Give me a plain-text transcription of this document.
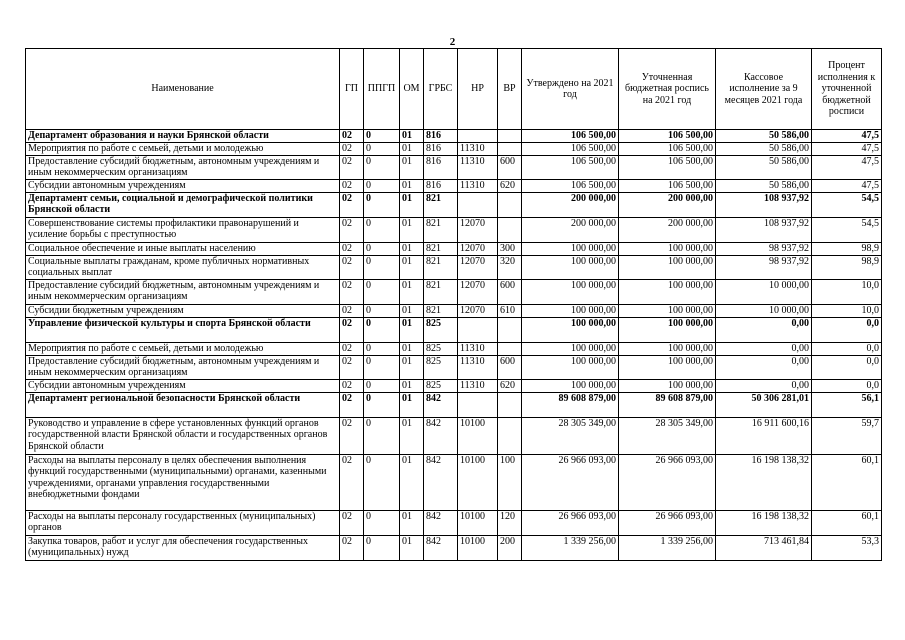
2
Наименование	ГП	ППГП	ОМ	ГРБС	НР	ВР	Утверждено на 2021 год	Уточненная бюджетная роспись на 2021 год	Кассовое исполнение за 9 месяцев 2021 года	Процент исполнения к уточненной бюджетной росписи
Департамент образования и науки Брянской области	02	0	01	816			106 500,00	106 500,00	50 586,00	47,5
Мероприятия по работе с семьей, детьми и молодежью	02	0	01	816	11310		106 500,00	106 500,00	50 586,00	47,5
Предоставление субсидий бюджетным, автономным учреждениям и иным некоммерческим организациям	02	0	01	816	11310	600	106 500,00	106 500,00	50 586,00	47,5
Субсидии автономным учреждениям	02	0	01	816	11310	620	106 500,00	106 500,00	50 586,00	47,5
Департамент семьи, социальной и демографической политики Брянской области	02	0	01	821			200 000,00	200 000,00	108 937,92	54,5
Совершенствование системы профилактики правонарушений и усиление борьбы с преступностью	02	0	01	821	12070		200 000,00	200 000,00	108 937,92	54,5
Социальное обеспечение и иные выплаты населению	02	0	01	821	12070	300	100 000,00	100 000,00	98 937,92	98,9
Социальные выплаты гражданам, кроме публичных нормативных социальных выплат	02	0	01	821	12070	320	100 000,00	100 000,00	98 937,92	98,9
Предоставление субсидий бюджетным, автономным учреждениям и иным некоммерческим организациям	02	0	01	821	12070	600	100 000,00	100 000,00	10 000,00	10,0
Субсидии бюджетным учреждениям	02	0	01	821	12070	610	100 000,00	100 000,00	10 000,00	10,0
Управление физической культуры и спорта Брянской области	02	0	01	825			100 000,00	100 000,00	0,00	0,0
Мероприятия по работе с семьей, детьми и молодежью	02	0	01	825	11310		100 000,00	100 000,00	0,00	0,0
Предоставление субсидий бюджетным, автономным учреждениям и иным некоммерческим организациям	02	0	01	825	11310	600	100 000,00	100 000,00	0,00	0,0
Субсидии автономным учреждениям	02	0	01	825	11310	620	100 000,00	100 000,00	0,00	0,0
Департамент региональной безопасности Брянской области	02	0	01	842			89 608 879,00	89 608 879,00	50 306 281,01	56,1
Руководство и управление в сфере установленных функций органов государственной власти Брянской области и государственных органов Брянской области	02	0	01	842	10100		28 305 349,00	28 305 349,00	16 911 600,16	59,7
Расходы на выплаты персоналу в целях обеспечения выполнения функций государственными (муниципальными) органами, казенными учреждениями, органами управления государственными внебюджетными фондами	02	0	01	842	10100	100	26 966 093,00	26 966 093,00	16 198 138,32	60,1
Расходы на выплаты персоналу государственных (муниципальных) органов	02	0	01	842	10100	120	26 966 093,00	26 966 093,00	16 198 138,32	60,1
Закупка товаров, работ и услуг для обеспечения государственных (муниципальных) нужд	02	0	01	842	10100	200	1 339 256,00	1 339 256,00	713 461,84	53,3
